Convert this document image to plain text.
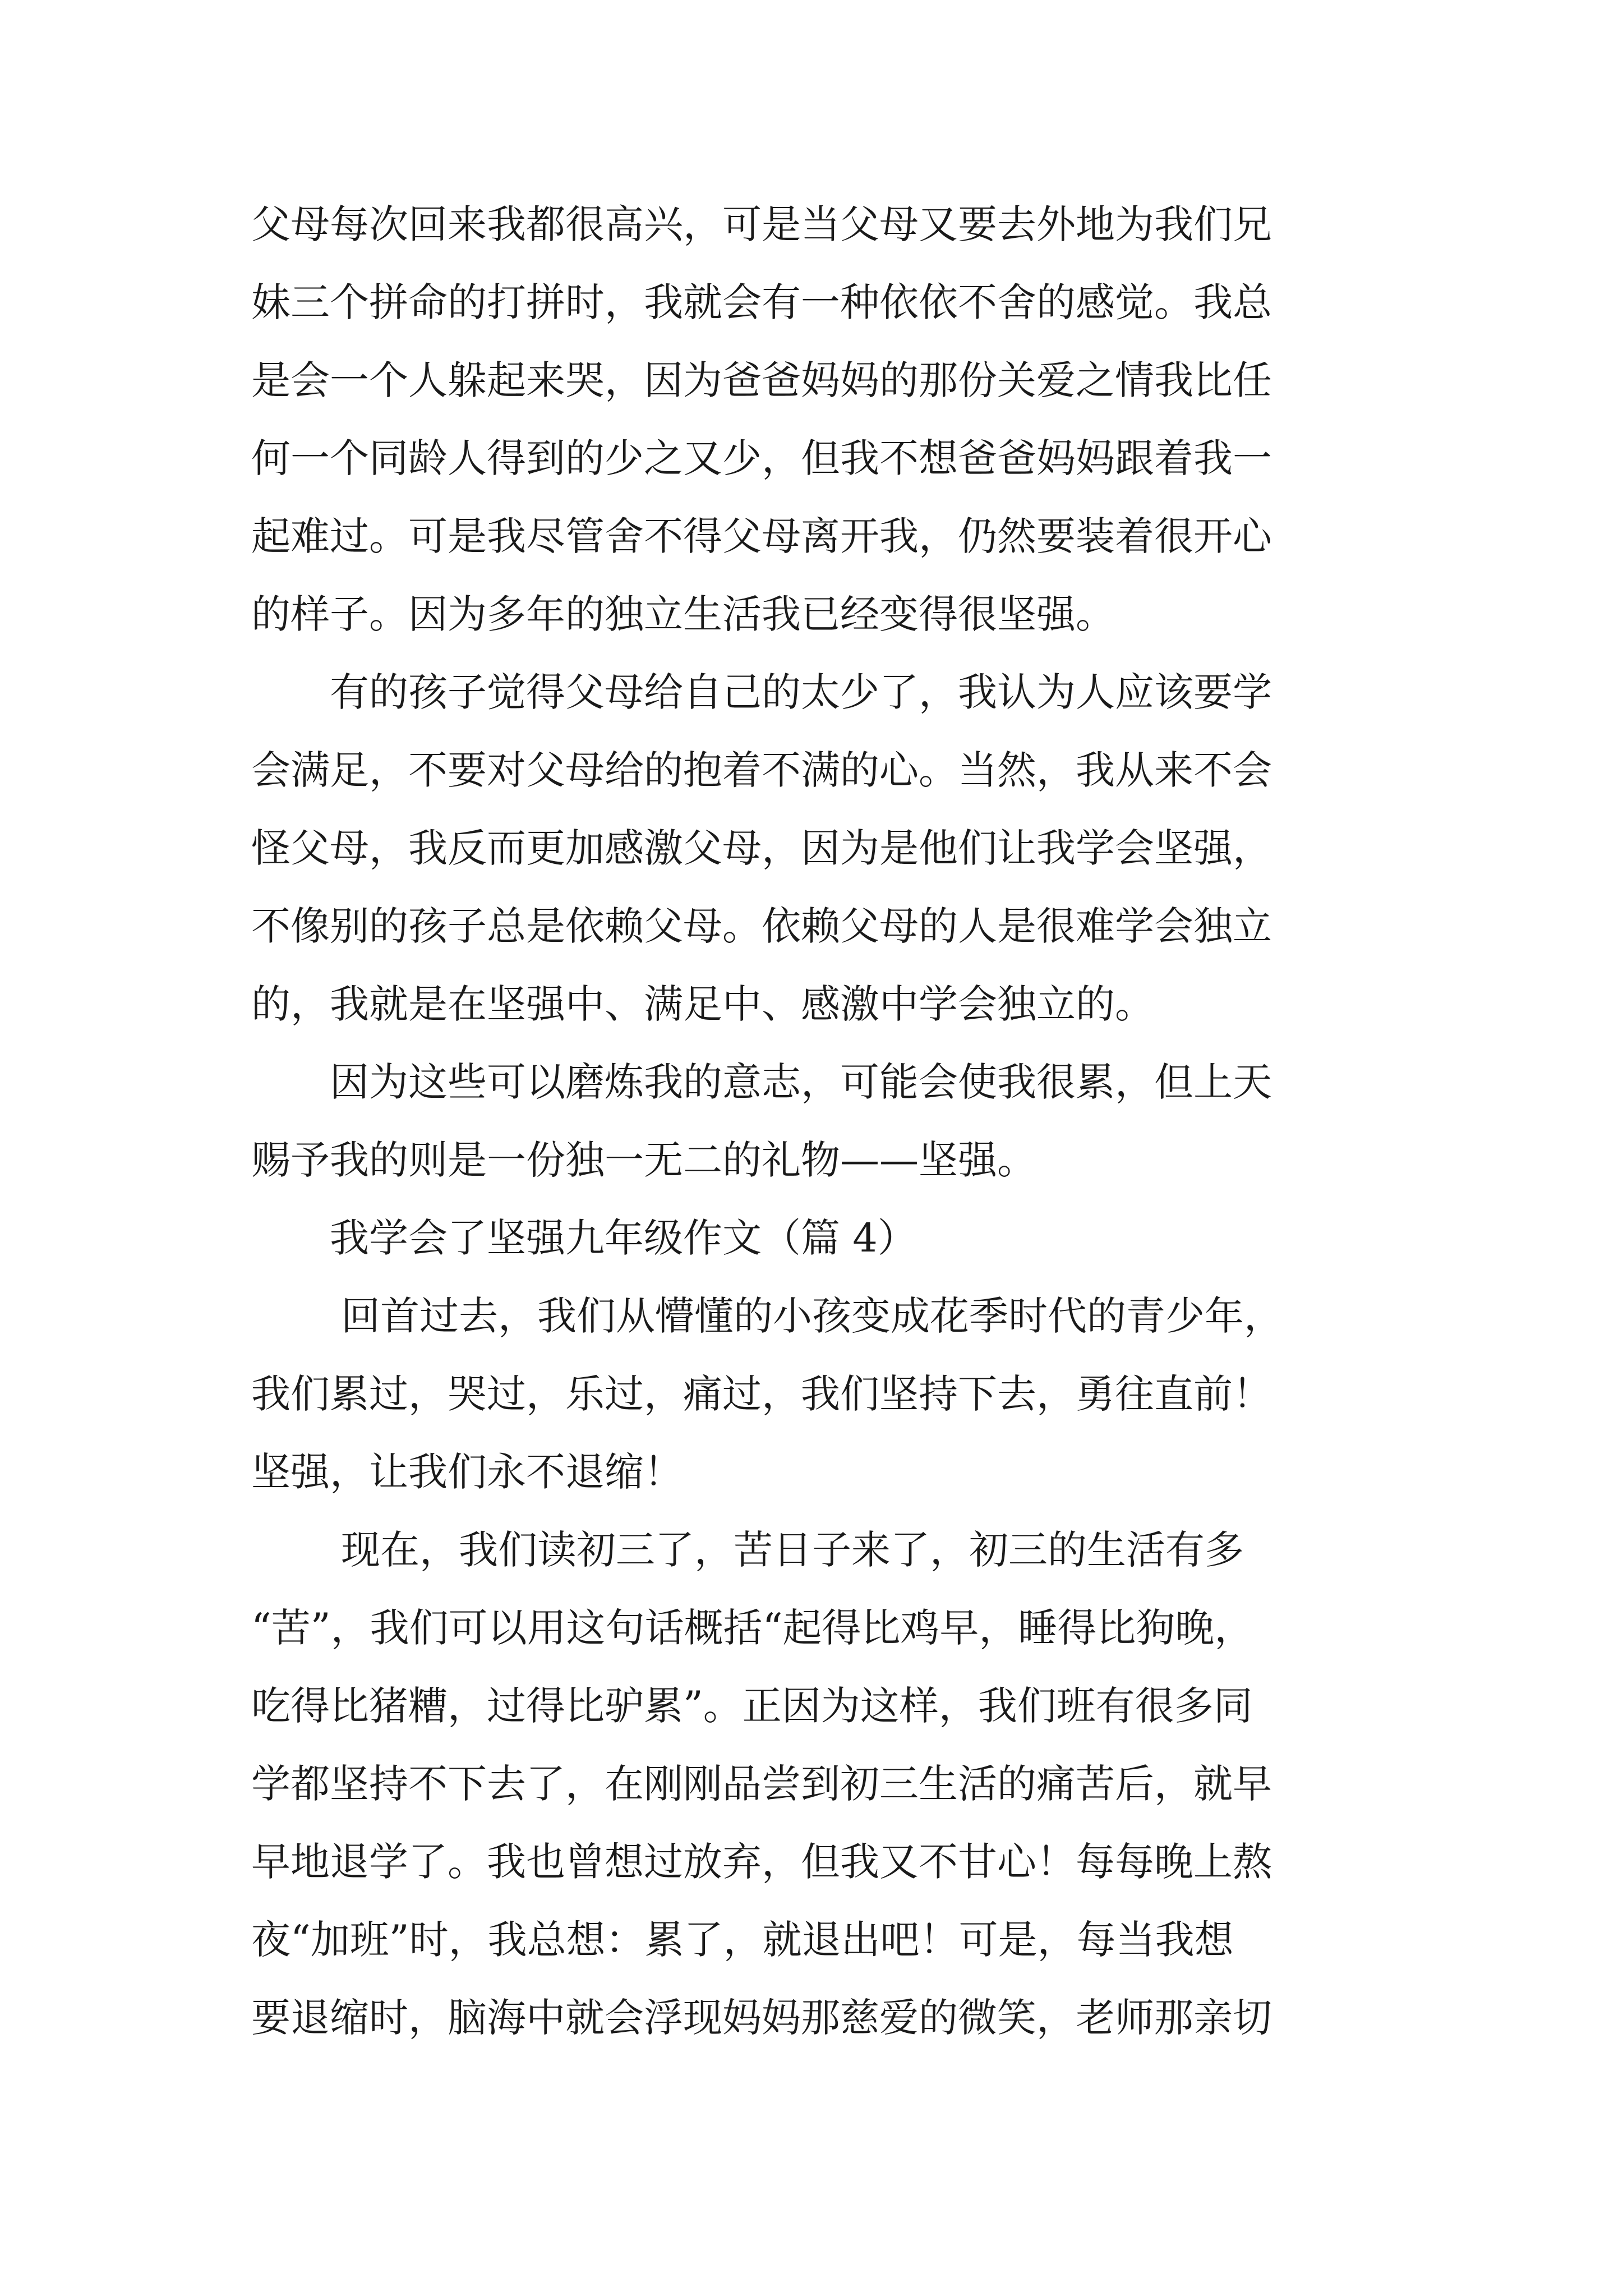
父母每次回来我都很高兴，可是当父母又要去外地为我们兄
妹三个拼命的打拼时，我就会有一种依依不舍的感觉。我总
是会一个人躲起来哭，因为爸爸妈妈的那份关爱之情我比任
何一个同龄人得到的少之又少，但我不想爸爸妈妈跟着我一
起难过。可是我尽管舍不得父母离开我，仍然要装着很开心
的样子。因为多年的独立生活我已经变得很坚强。
有的孩子觉得父母给自己的太少了，我认为人应该要学
会满足，不要对父母给的抱着不满的心。当然，我从来不会
怪父母，我反而更加感激父母，因为是他们让我学会坚强，
不像别的孩子总是依赖父母。依赖父母的人是很难学会独立
的，我就是在坚强中、满足中、感激中学会独立的。
因为这些可以磨炼我的意志，可能会使我很累，但上天
赐予我的则是一份独一无二的礼物——坚强。
我学会了坚强九年级作文（篇 4）
回首过去，我们从懵懂的小孩变成花季时代的青少年，
我们累过，哭过，乐过，痛过，我们坚持下去，勇往直前！
坚强，让我们永不退缩！
现在，我们读初三了，苦日子来了，初三的生活有多
“苦”，我们可以用这句话概括“起得比鸡早，睡得比狗晚，
吃得比猪糟，过得比驴累”。正因为这样，我们班有很多同
学都坚持不下去了，在刚刚品尝到初三生活的痛苦后，就早
早地退学了。我也曾想过放弃，但我又不甘心！每每晚上熬
夜“加班”时，我总想：累了，就退出吧！可是，每当我想
要退缩时，脑海中就会浮现妈妈那慈爱的微笑，老师那亲切
